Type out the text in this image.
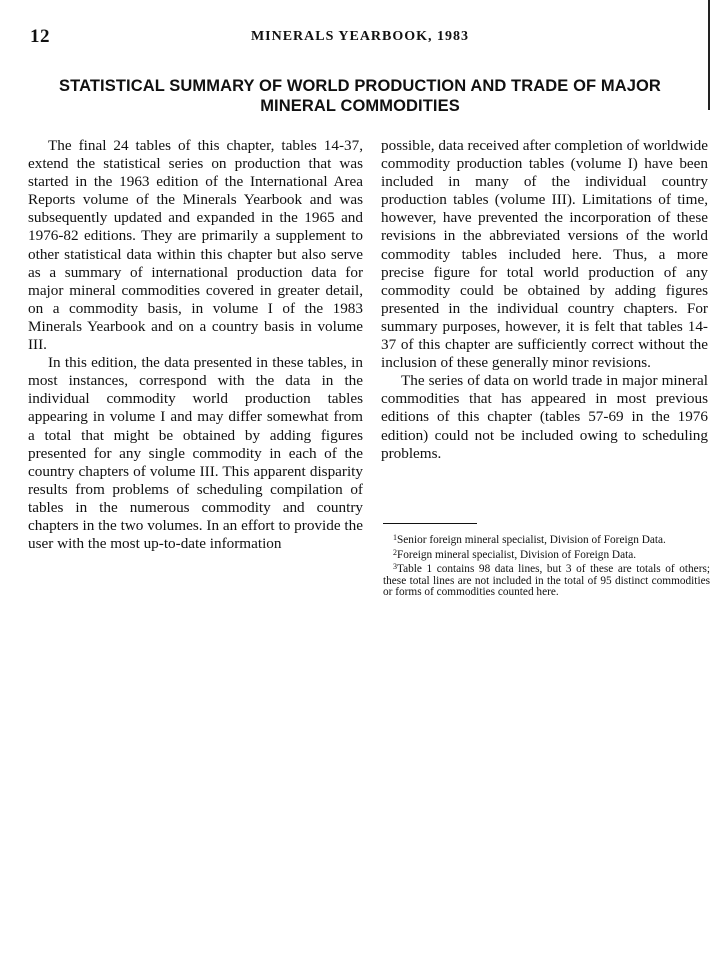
12	MINERALS YEARBOOK, 1983
STATISTICAL SUMMARY OF WORLD PRODUCTION AND TRADE OF MAJOR
MINERAL COMMODITIES

The final 24 tables of this chapter, tables 14-37, extend the statistical series on production that was started in the 1963 edition of the International Area Reports volume of the Minerals Yearbook and was subsequently updated and expanded in the 1965 and 1976-82 editions. They are primarily a supplement to other statistical data within this chapter but also serve as a summary of international production data for major mineral commodities covered in greater detail, on a commodity basis, in volume I of the 1983 Minerals Yearbook and on a country basis in volume III.

In this edition, the data presented in these tables, in most instances, correspond with the data in the individual commodity world production tables appearing in volume I and may differ somewhat from a total that might be obtained by adding figures presented for any single commodity in each of the country chapters of volume III. This apparent disparity results from problems of scheduling compilation of tables in the numerous commodity and country chapters in the two volumes. In an effort to provide the user with the most up-to-date information

possible, data received after completion of worldwide commodity production tables (volume I) have been included in many of the individual country production tables (volume III). Limitations of time, however, have prevented the incorporation of these revisions in the abbreviated versions of the world commodity tables included here. Thus, a more precise figure for total world production of any commodity could be obtained by adding figures presented in the individual country chapters. For summary purposes, however, it is felt that tables 14-37 of this chapter are sufficiently correct without the inclusion of these generally minor revisions.

The series of data on world trade in major mineral commodities that has appeared in most previous editions of this chapter (tables 57-69 in the 1976 edition) could not be included owing to scheduling problems.

$^1$Senior foreign mineral specialist, Division of Foreign Data.

$^2$Foreign mineral specialist, Division of Foreign Data.

$^3$Table 1 contains 98 data lines, but 3 of these are totals of others; these total lines are not included in the total of 95 distinct commodities or forms of commodities counted here.
